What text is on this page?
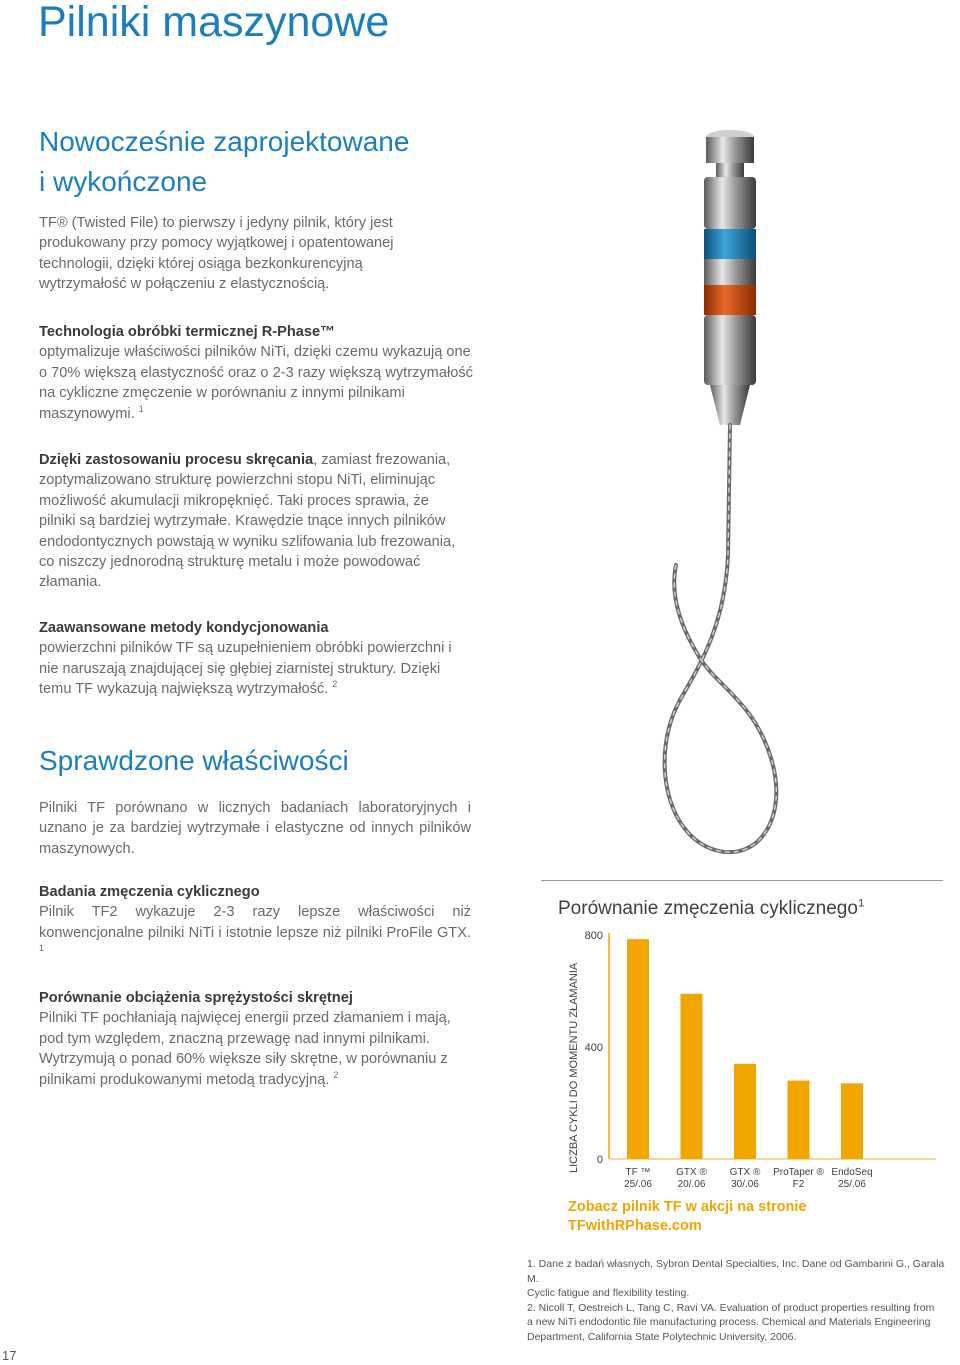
Pilniki maszynowe
Nowocześnie zaprojektowane
i wykończone

TF® (Twisted File) to pierwszy i jedyny pilnik, który jest produkowany przy pomocy wyjątkowej i opatentowanej technologii, dzięki której osiąga bezkonkurencyjną wytrzymałość w połączeniu z elastycznością.

Technologia obróbki termicznej R-Phase™
optymalizuje właściwości pilników NiTi, dzięki czemu wykazują one o 70% większą elastyczność oraz o 2-3 razy większą wytrzymałość na cykliczne zmęczenie w porównaniu z innymi pilnikami maszynowymi. $^1$

Dzięki zastosowaniu procesu skręcania, zamiast frezowania, zoptymalizowano strukturę powierzchni stopu NiTi, eliminując możliwość akumulacji mikropęknięć. Taki proces sprawia, że pilniki są bardziej wytrzymałe. Krawędzie tnące innych pilników endodontycznych powstają w wyniku szlifowania lub frezowania, co niszczy jednorodną strukturę metalu i może powodować złamania.

Zaawansowane metody kondycjonowania
powierzchni pilników TF są uzupełnieniem obróbki powierzchni i nie naruszają znajdującej się głębiej ziarnistej struktury. Dzięki temu TF wykazują największą wytrzymałość. $^2$

Sprawdzone właściwości

Pilniki TF porównano w licznych badaniach laboratoryjnych i uznano je za bardziej wytrzymałe i elastyczne od innych pilników maszynowych.

Badania zmęczenia cyklicznego
Pilnik TF2 wykazuje 2-3 razy lepsze właściwości niż konwencjonalne pilniki NiTi i istotnie lepsze niż pilniki ProFile GTX. $^1$

Porównanie obciążenia sprężystości skrętnej
Pilniki TF pochłaniają najwięcej energii przed złamaniem i mają, pod tym względem, znaczną przewagę nad innymi pilnikami. Wytrzymują o ponad 60% większe siły skrętne, w porównaniu z pilnikami produkowanymi metodą tradycyjną. $^2$

Porównanie zmęczenia cyklicznego$^1$
LICZBA CYKLI DO MOMENTU ZŁAMANIA
800
400
0
TF ™
25/.06
GTX ®
20/.06
GTX ®
30/.06
ProTaper ®
F2
EndoSeq
25/.06
Zobacz pilnik TF w akcji na stronie
TFwithRPhase.com
1. Dane z badań własnych, Sybron Dental Specialties, Inc. Dane od Gambarini G., Garala M.
Cyclic fatigue and flexibility testing.
2. Nicoll T, Oestreich L, Tang C, Ravi VA. Evaluation of product properties resulting from
a new NiTi endodontic file manufacturing process. Chemical and Materials Engineering
Department, California State Polytechnic University, 2006.
17
